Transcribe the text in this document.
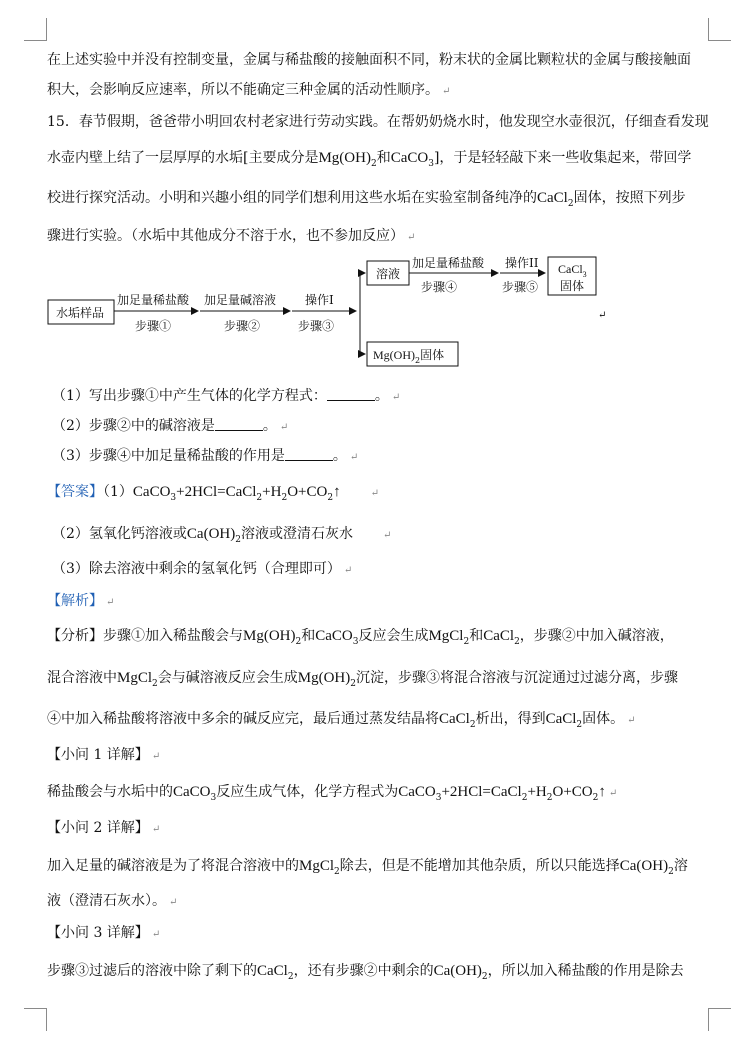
在上述实验中并没有控制变量，金属与稀盐酸的接触面积不同，粉末状的金属比颗粒状的金属与酸接触面
积大，会影响反应速率，所以不能确定三种金属的活动性顺序。 ↵
15．春节假期，爸爸带小明回农村老家进行劳动实践。在帮奶奶烧水时，他发现空水壶很沉，仔细查看发现
水壶内壁上结了一层厚厚的水垢[主要成分是$Mg(OH)_2$和CaCO$_3$]，于是轻轻敲下来一些收集起来，带回学
校进行探究活动。小明和兴趣小组的同学们想利用这些水垢在实验室制备纯净的CaCl$_2$固体，按照下列步
骤进行实验。（水垢中其他成分不溶于水，也不参加反应） ↵
水垢样品
加足量稀盐酸
步骤①
加足量碱溶液
步骤②
操作I
步骤③
溶液
加足量稀盐酸
步骤④
操作II
步骤⑤
CaCl$_3$
固体
$Mg(OH)_2$固体
↵
（1）写出步骤①中产生气体的化学方程式：	。 ↵
（2）步骤②中的碱溶液是	。 ↵
（3）步骤④中加足量稀盐酸的作用是	。 ↵
【答案】$(1)CaCO_3+2HCl=CaCl_2+H_2O+CO_2↑$	↵
（2）氢氧化钙溶液或$Ca(OH)_2$溶液或澄清石灰水	↵
（3）除去溶液中剩余的氢氧化钙（合理即可） ↵
【解析】 ↵
【分析】步骤①加入稀盐酸会与$Mg(OH)_2$和CaCO$_3$反应会生成MgCl$_2$和CaCl$_2$，步骤②中加入碱溶液，
混合溶液中MgCl$_2$会与碱溶液反应会生成$Mg(OH)_2$沉淀，步骤③将混合溶液与沉淀通过过滤分离，步骤
④中加入稀盐酸将溶液中多余的碱反应完，最后通过蒸发结晶将CaCl$_2$析出，得到CaCl$_2$固体。 ↵
【小问 1 详解】 ↵
稀盐酸会与水垢中的CaCO$_3$反应生成气体，化学方程式为$CaCO_3+2HCl=CaCl_2+H_2O+CO_2↑$ ↵
【小问 2 详解】 ↵
加入足量的碱溶液是为了将混合溶液中的MgCl$_2$除去，但是不能增加其他杂质，所以只能选择$Ca(OH)_2$溶
液（澄清石灰水）。 ↵
【小问 3 详解】 ↵
步骤③过滤后的溶液中除了剩下的CaCl$_2$，还有步骤②中剩余的$Ca(OH)_2$，所以加入稀盐酸的作用是除去
